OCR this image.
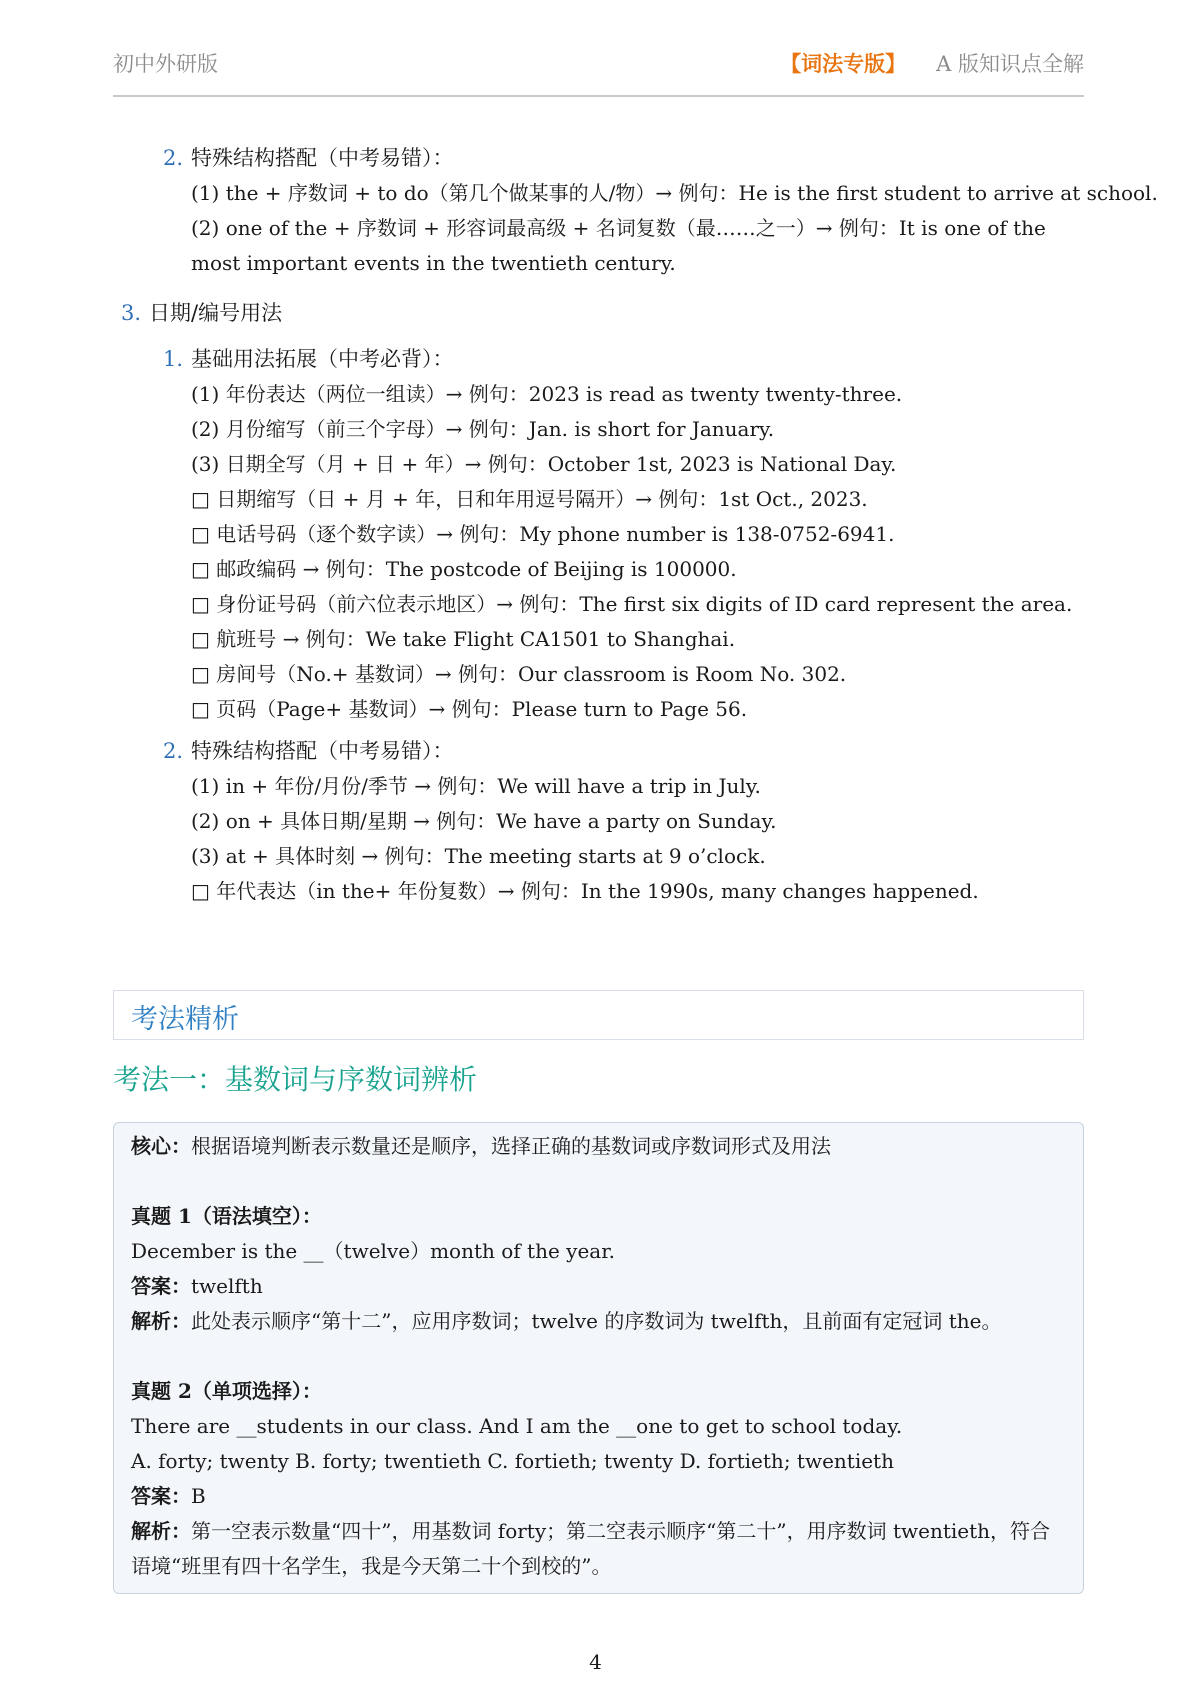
初中外研版	【词法专版】 A 版知识点全解
2. 特殊结构搭配（中考易错）：
(1) the + 序数词 + to do（第几个做某事的人/物）→ 例句：He is the first student to arrive at school.
(2) one of the + 序数词 + 形容词最高级 + 名词复数（最……之一）→ 例句：It is one of the most important events in the twentieth century.
3. 日期/编号用法
1. 基础用法拓展（中考必背）：
(1) 年份表达（两位一组读）→ 例句：2023 is read as twenty twenty-three.
(2) 月份缩写（前三个字母）→ 例句：Jan. is short for January.
(3) 日期全写（月 + 日 + 年）→ 例句：October 1st, 2023 is National Day.
□ 日期缩写（日 + 月 + 年，日和年用逗号隔开）→ 例句：1st Oct., 2023.
□ 电话号码（逐个数字读）→ 例句：My phone number is 138-0752-6941.
□ 邮政编码 → 例句：The postcode of Beijing is 100000.
□ 身份证号码（前六位表示地区）→ 例句：The first six digits of ID card represent the area.
□ 航班号 → 例句：We take Flight CA1501 to Shanghai.
□ 房间号（No.+ 基数词）→ 例句：Our classroom is Room No. 302.
□ 页码（Page+ 基数词）→ 例句：Please turn to Page 56.
2. 特殊结构搭配（中考易错）：
(1) in + 年份/月份/季节 → 例句：We will have a trip in July.
(2) on + 具体日期/星期 → 例句：We have a party on Sunday.
(3) at + 具体时刻 → 例句：The meeting starts at 9 o’clock.
□ 年代表达（in the+ 年份复数）→ 例句：In the 1990s, many changes happened.
考法精析
考法一：基数词与序数词辨析
核心：根据语境判断表示数量还是顺序，选择正确的基数词或序数词形式及用法
真题 1（语法填空）：
December is the __（twelve）month of the year.
答案：twelfth
解析：此处表示顺序“第十二”，应用序数词；twelve 的序数词为 twelfth，且前面有定冠词 the。
真题 2（单项选择）：
There are __students in our class. And I am the __one to get to school today.
A. forty; twenty B. forty; twentieth C. fortieth; twenty D. fortieth; twentieth
答案：B
解析：第一空表示数量“四十”，用基数词 forty；第二空表示顺序“第二十”，用序数词 twentieth，符合语境“班里有四十名学生，我是今天第二十个到校的”。
4
